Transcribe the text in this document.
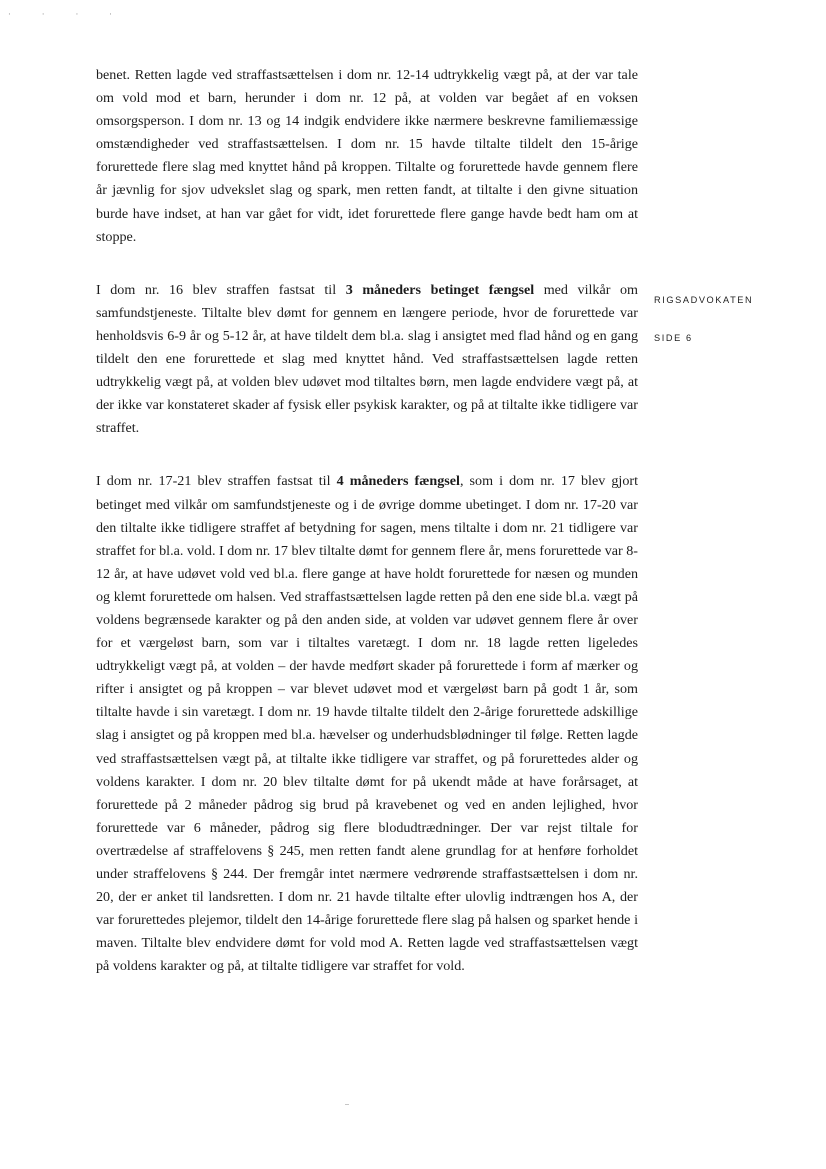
· · · ·

benet. Retten lagde ved straffastsættelsen i dom nr. 12-14 udtrykkelig vægt på, at der var tale om vold mod et barn, herunder i dom nr. 12 på, at volden var begået af en voksen omsorgsperson. I dom nr. 13 og 14 indgik endvidere ikke nærmere beskrevne familiemæssige omstændigheder ved straffastsættelsen. I dom nr. 15 havde tiltalte tildelt den 15-årige forurettede flere slag med knyttet hånd på kroppen. Tiltalte og forurettede havde gennem flere år jævnlig for sjov udvekslet slag og spark, men retten fandt, at tiltalte i den givne situation burde have indset, at han var gået for vidt, idet forurettede flere gange havde bedt ham om at stoppe.

I dom nr. 16 blev straffen fastsat til 3 måneders betinget fængsel med vilkår om samfundstjeneste. Tiltalte blev dømt for gennem en længere periode, hvor de forurettede var henholdsvis 6-9 år og 5-12 år, at have tildelt dem bl.a. slag i ansigtet med flad hånd og en gang tildelt den ene forurettede et slag med knyttet hånd. Ved straffastsættelsen lagde retten udtrykkelig vægt på, at volden blev udøvet mod tiltaltes børn, men lagde endvidere vægt på, at der ikke var konstateret skader af fysisk eller psykisk karakter, og på at tiltalte ikke tidligere var straffet.

I dom nr. 17-21 blev straffen fastsat til 4 måneders fængsel, som i dom nr. 17 blev gjort betinget med vilkår om samfundstjeneste og i de øvrige domme ubetinget. I dom nr. 17-20 var den tiltalte ikke tidligere straffet af betydning for sagen, mens tiltalte i dom nr. 21 tidligere var straffet for bl.a. vold. I dom nr. 17 blev tiltalte dømt for gennem flere år, mens forurettede var 8-12 år, at have udøvet vold ved bl.a. flere gange at have holdt forurettede for næsen og munden og klemt forurettede om halsen. Ved straffastsættelsen lagde retten på den ene side bl.a. vægt på voldens begrænsede karakter og på den anden side, at volden var udøvet gennem flere år over for et værgeløst barn, som var i tiltaltes varetægt. I dom nr. 18 lagde retten ligeledes udtrykkeligt vægt på, at volden – der havde medført skader på forurettede i form af mærker og rifter i ansigtet og på kroppen – var blevet udøvet mod et værgeløst barn på godt 1 år, som tiltalte havde i sin varetægt. I dom nr. 19 havde tiltalte tildelt den 2-årige forurettede adskillige slag i ansigtet og på kroppen med bl.a. hævelser og underhudsblødninger til følge. Retten lagde ved straffastsættelsen vægt på, at tiltalte ikke tidligere var straffet, og på forurettedes alder og voldens karakter. I dom nr. 20 blev tiltalte dømt for på ukendt måde at have forårsaget, at forurettede på 2 måneder pådrog sig brud på kravebenet og ved en anden lejlighed, hvor forurettede var 6 måneder, pådrog sig flere blodudtrædninger. Der var rejst tiltale for overtrædelse af straffelovens § 245, men retten fandt alene grundlag for at henføre forholdet under straffelovens § 244. Der fremgår intet nærmere vedrørende straffastsættelsen i dom nr. 20, der er anket til landsretten. I dom nr. 21 havde tiltalte efter ulovlig indtrængen hos A, der var forurettedes plejemor, tildelt den 14-årige forurettede flere slag på halsen og sparket hende i maven. Tiltalte blev endvidere dømt for vold mod A. Retten lagde ved straffastsættelsen vægt på voldens karakter og på, at tiltalte tidligere var straffet for vold.

RIGSADVOKATEN
SIDE 6
